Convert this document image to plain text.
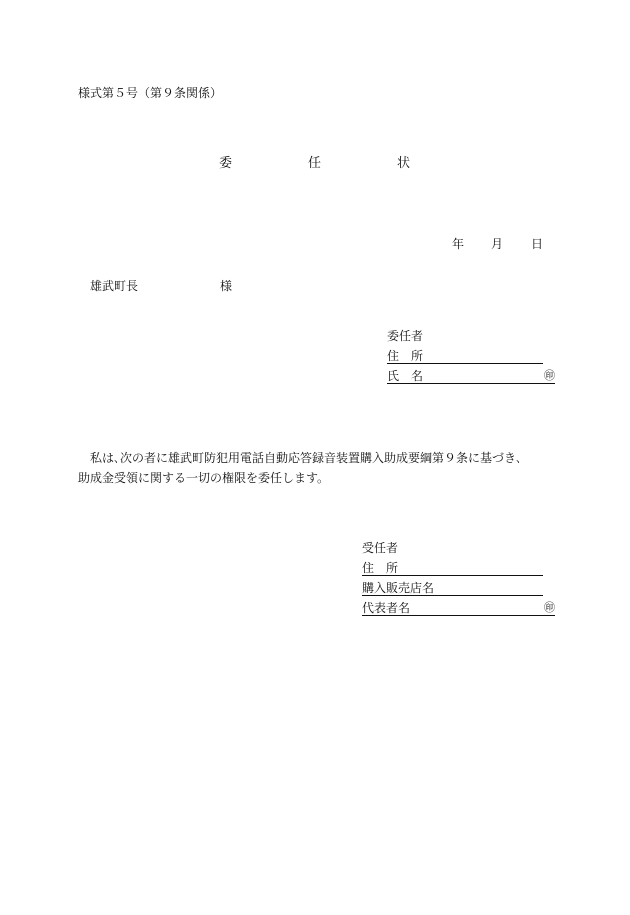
様式第５号（第９条関係）
委	任	状
年 月 日
雄武町長	様
委任者
住　所
氏　名	㊞
私は､次の者に雄武町防犯用電話自動応答録音装置購入助成要綱第９条に基づき､
助成金受領に関する一切の権限を委任します。
受任者
住　所
購入販売店名
代表者名	㊞
